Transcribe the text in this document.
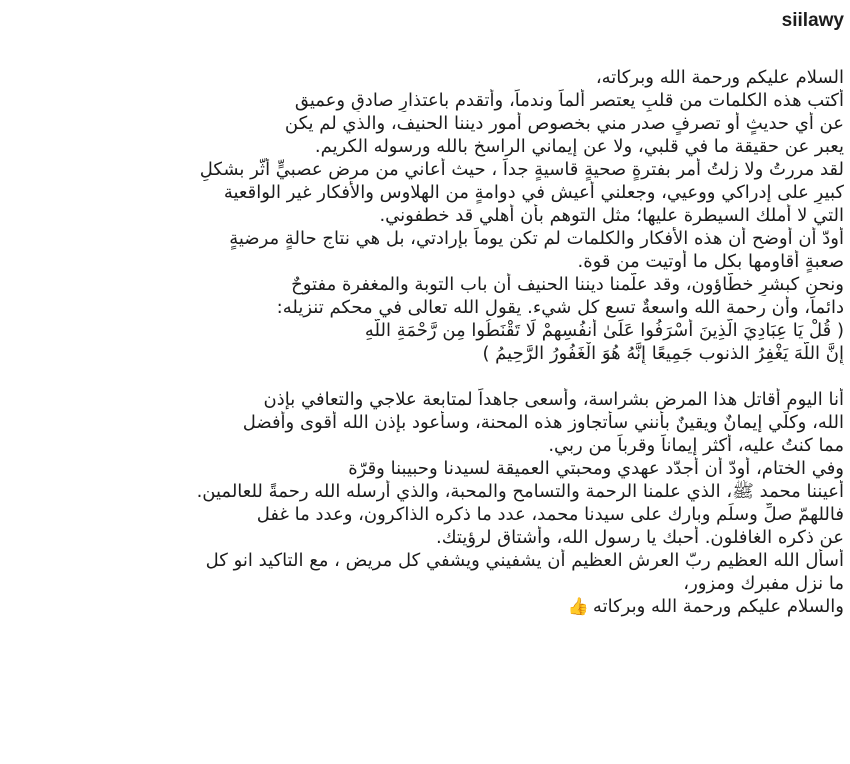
siilawy
السلام عليكم ورحمة الله وبركاته،
أكتب هذه الكلمات من قلبٍ يعتصر ألماً وندماً، وأتقدم باعتذارٍ صادقٍ وعميق
عن أي حديثٍ أو تصرفٍ صدر مني بخصوص أمور ديننا الحنيف، والذي لم يكن
يعبر عن حقيقة ما في قلبي، ولا عن إيماني الراسخ بالله ورسوله الكريم.
لقد مررتُ ولا زلتُ أمر بفترةٍ صحيةٍ قاسيةٍ جداً ، حيث أعاني من مرضٍ عصبيٍّ أثّر بشكلٍ
كبيرٍ على إدراكي ووعيي، وجعلني أعيش في دوامةٍ من الهلاوس والأفكار غير الواقعية
التي لا أملك السيطرة عليها؛ مثل التوهم بأن أهلي قد خطفوني.
أودّ أن أوضح أن هذه الأفكار والكلمات لم تكن يوماً بإرادتي، بل هي نتاج حالةٍ مرضيةٍ
صعبةٍ أقاومها بكل ما أوتيت من قوة.
ونحن كبشرٍ خطّاؤون، وقد علّمنا ديننا الحنيف أن باب التوبة والمغفرة مفتوحٌ
دائماً، وأن رحمة الله واسعةٌ تسع كل شيء. يقول الله تعالى في محكم تنزيله:
( قُلْ يَا عِبَادِيَ الَّذِينَ أَسْرَفُوا عَلَىٰ أَنفُسِهِمْ لَا تَقْنَطُوا مِن رَّحْمَةِ اللَّهِ
إِنَّ اللَّهَ يَغْفِرُ الذنوب جَمِيعًا إِنَّهُ هُوَ الْغَفُورُ الرَّحِيمُ )
أنا اليوم أقاتل هذا المرض بشراسة، وأسعى جاهداً لمتابعة علاجي والتعافي بإذن
الله، وكلّي إيمانٌ ويقينٌ بأنني سأتجاوز هذه المحنة، وسأعود بإذن الله أقوى وأفضل
مما كنتُ عليه، أكثر إيماناً وقرباً من ربي.
وفي الختام، أودّ أن أجدّد عهدي ومحبتي العميقة لسيدنا وحبيبنا وقرّة
أعيننا محمد ﷺ، الذي علمنا الرحمة والتسامح والمحبة، والذي أرسله الله رحمةً للعالمين.
فاللهمّ صلِّ وسلِّم وبارك على سيدنا محمد، عدد ما ذكره الذاكرون، وعدد ما غفل
عن ذكره الغافلون. أحبك يا رسول الله، وأشتاق لرؤيتك.
أسأل الله العظيم ربّ العرش العظيم أن يشفيني ويشفي كل مريض ، مع التاكيد انو كل
ما نزل مفبرك ومزور،
والسلام عليكم ورحمة الله وبركاته👍
